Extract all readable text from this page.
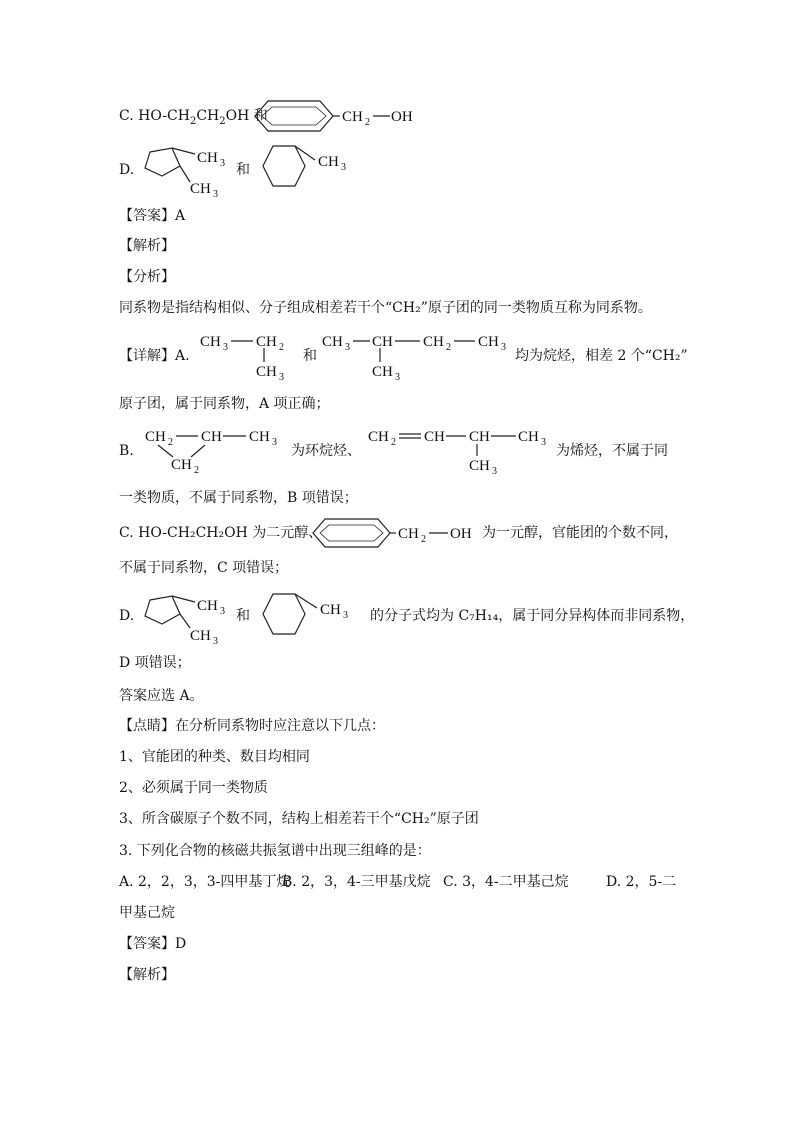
C. $HO-CH_2CH_2OH$ 和	CH 2 OH
D.
CH 3
CH 3
和	CH 3
【答案】A
【解析】
【分析】
同系物是指结构相似、分子组成相差若干个“CH₂”原子团的同一类物质互称为同系物。
【详解】A.
CH 3 CH 2
CH 3
和
CH 3 CH
CH 3
CH 2 CH 3
均为烷烃，相差 2 个“CH₂”
原子团，属于同系物，A 项正确；
B.
CH 2 CH CH 3
CH 2
为环烷烃、
CH 2 CH CH
CH 3
CH 3
为烯烃，不属于同
一类物质，不属于同系物，B 项错误；
C. HO-CH₂CH₂OH 为二元醇、	CH 2 OH 为一元醇，官能团的个数不同，
不属于同系物，C 项错误；
D.
CH 3
CH 3
和	CH 3 的分子式均为 C₇H₁₄，属于同分异构体而非同系物，
D 项错误；
答案应选 A。
【点睛】在分析同系物时应注意以下几点：
1、官能团的种类、数目均相同
2、必须属于同一类物质
3、所含碳原子个数不同，结构上相差若干个“CH₂”原子团
3. 下列化合物的核磁共振氢谱中出现三组峰的是：
A. 2，2，3，3-四甲基丁烷
B. 2，3，4-三甲基戊烷 C. 3，4-二甲基己烷	D. 2，5-二
甲基己烷
【答案】D
【解析】
